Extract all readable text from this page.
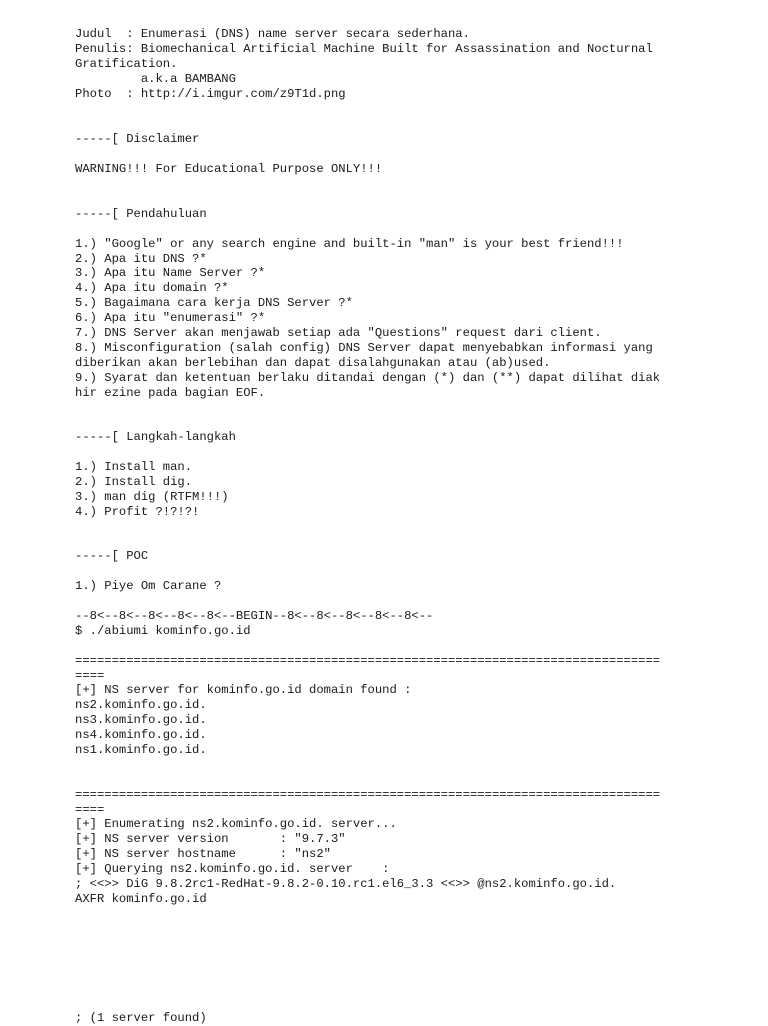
Judul  : Enumerasi (DNS) name server secara sederhana.
Penulis: Biomechanical Artificial Machine Built for Assassination and Nocturnal
Gratification.
a.k.a BAMBANG
Photo  : http://i.imgur.com/z9T1d.png
-----[ Disclaimer
WARNING!!! For Educational Purpose ONLY!!!
-----[ Pendahuluan
1.) "Google" or any search engine and built-in "man" is your best friend!!!
2.) Apa itu DNS ?*
3.) Apa itu Name Server ?*
4.) Apa itu domain ?*
5.) Bagaimana cara kerja DNS Server ?*
6.) Apa itu "enumerasi" ?*
7.) DNS Server akan menjawab setiap ada "Questions" request dari client.
8.) Misconfiguration (salah config) DNS Server dapat menyebabkan informasi yang
diberikan akan berlebihan dan dapat disalahgunakan atau (ab)used.
9.) Syarat dan ketentuan berlaku ditandai dengan (*) dan (**) dapat dilihat diak
hir ezine pada bagian EOF.
-----[ Langkah-langkah
1.) Install man.
2.) Install dig.
3.) man dig (RTFM!!!)
4.) Profit ?!?!?!
-----[ POC
1.) Piye Om Carane ?
--8<--8<--8<--8<--8<--BEGIN--8<--8<--8<--8<--8<--
$ ./abiumi kominfo.go.id
================================================================================
====
[+] NS server for kominfo.go.id domain found :
ns2.kominfo.go.id.
ns3.kominfo.go.id.
ns4.kominfo.go.id.
ns1.kominfo.go.id.
================================================================================
====
[+] Enumerating ns2.kominfo.go.id. server...
[+] NS server version       : "9.7.3"
[+] NS server hostname      : "ns2"
[+] Querying ns2.kominfo.go.id. server    :
; <<>> DiG 9.8.2rc1-RedHat-9.8.2-0.10.rc1.el6_3.3 <<>> @ns2.kominfo.go.id.
AXFR kominfo.go.id
; (1 server found)
